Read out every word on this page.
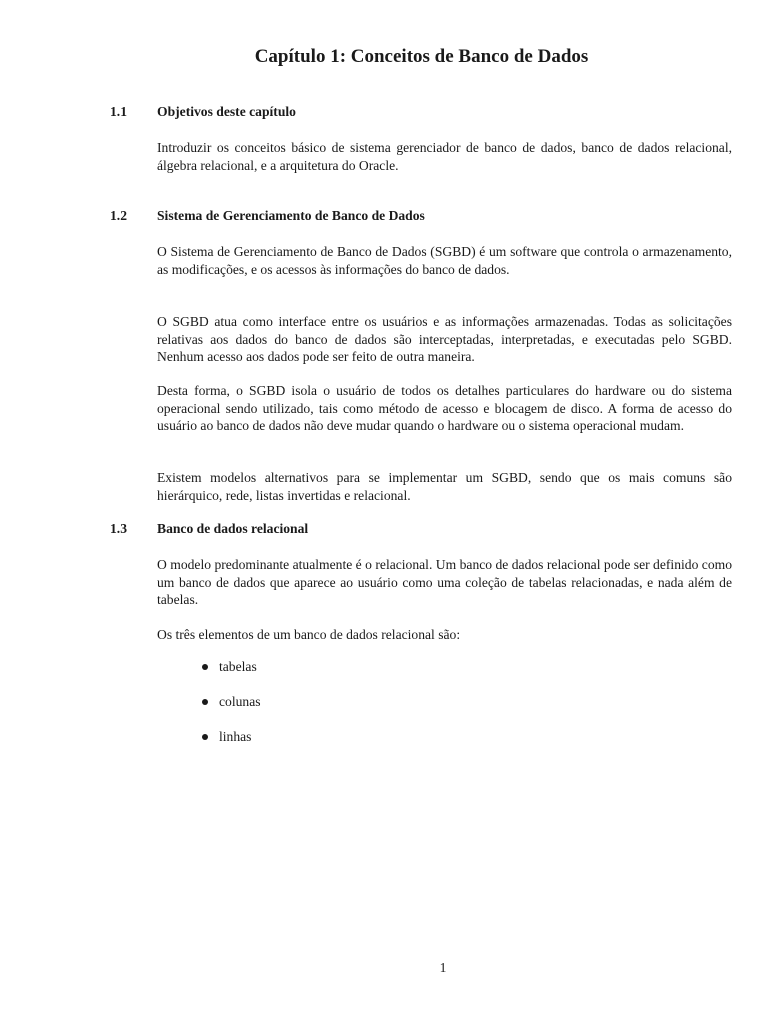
Capítulo 1: Conceitos de Banco de Dados
1.1 Objetivos deste capítulo

Introduzir os conceitos básico de sistema gerenciador de banco de dados, banco de dados relacional, álgebra relacional, e a arquitetura do Oracle.

1.2 Sistema de Gerenciamento de Banco de Dados

O Sistema de Gerenciamento de Banco de Dados (SGBD) é um software que controla o armazenamento, as modificações, e os acessos às informações do banco de dados.

O SGBD atua como interface entre os usuários e as informações armazenadas. Todas as solicitações relativas aos dados do banco de dados são interceptadas, interpretadas, e executadas pelo SGBD. Nenhum acesso aos dados pode ser feito de outra maneira.

Desta forma, o SGBD isola o usuário de todos os detalhes particulares do hardware ou do sistema operacional sendo utilizado, tais como método de acesso e blocagem de disco. A forma de acesso do usuário ao banco de dados não deve mudar quando o hardware ou o sistema operacional mudam.

Existem modelos alternativos para se implementar um SGBD, sendo que os mais comuns são hierárquico, rede, listas invertidas e relacional.

1.3 Banco de dados relacional

O modelo predominante atualmente é o relacional. Um banco de dados relacional pode ser definido como um banco de dados que aparece ao usuário como uma coleção de tabelas relacionadas, e nada além de tabelas.

Os três elementos de um banco de dados relacional são:

tabelas
colunas
linhas

1
